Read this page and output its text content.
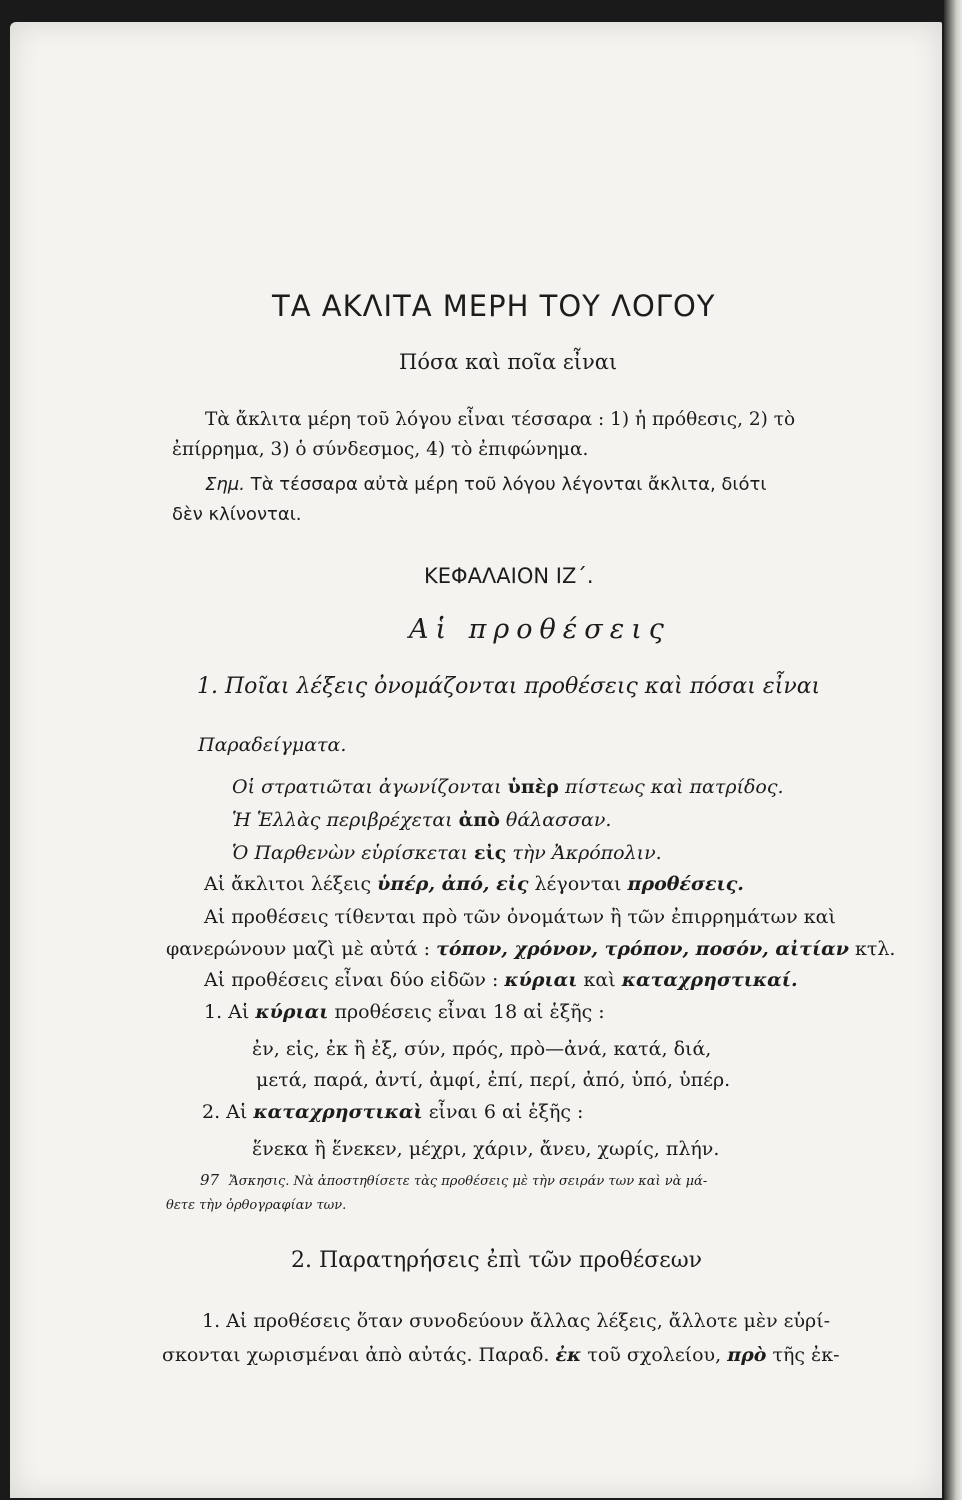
ΤΑ ΑΚΛΙΤΑ ΜΕΡΗ ΤΟΥ ΛΟΓΟΥ
Πόσα καὶ ποῖα εἶναι
Τὰ ἄκλιτα μέρη τοῦ λόγου εἶναι τέσσαρα : 1) ἡ πρόθεσις, 2) τὸ
ἐπίρρημα, 3) ὁ σύνδεσμος, 4) τὸ ἐπιφώνημα.
Σημ. Τὰ τέσσαρα αὐτὰ μέρη τοῦ λόγου λέγονται ἄκλιτα, διότι
δὲν κλίνονται.
ΚΕΦΑΛΑΙΟΝ ΙΖ΄.
Αἱ προθέσεις
1. Ποῖαι λέξεις ὀνομάζονται προθέσεις καὶ πόσαι εἶναι
Παραδείγματα.
Οἱ στρατιῶται ἀγωνίζονται ὑπὲρ πίστεως καὶ πατρίδος.
Ἡ Ἑλλὰς περιβρέχεται ἀπὸ θάλασσαν.
Ὁ Παρθενὼν εὑρίσκεται εἰς τὴν Ἀκρόπολιν.
Αἱ ἄκλιτοι λέξεις ὑπέρ, ἀπό, εἰς λέγονται προθέσεις.
Αἱ προθέσεις τίθενται πρὸ τῶν ὀνομάτων ἢ τῶν ἐπιρρημάτων καὶ
φανερώνουν μαζὶ μὲ αὐτά : τόπον, χρόνον, τρόπον, ποσόν, αἰτίαν κτλ.
Αἱ προθέσεις εἶναι δύο εἰδῶν : κύριαι καὶ καταχρηστικαί.
1. Αἱ κύριαι προθέσεις εἶναι 18 αἱ ἑξῆς :
ἐν, εἰς, ἐκ ἢ ἐξ, σύν, πρός, πρὸ—ἀνά, κατά, διά,
μετά, παρά, ἀντί, ἀμφί, ἐπί, περί, ἀπό, ὑπό, ὑπέρ.
2. Αἱ καταχρηστικαὶ εἶναι 6 αἱ ἑξῆς :
ἕνεκα ἢ ἕνεκεν, μέχρι, χάριν, ἄνευ, χωρίς, πλήν.
97 Ἄσκησις. Νὰ ἀποστηθίσετε τὰς προθέσεις μὲ τὴν σειράν των καὶ νὰ μά-
θετε τὴν ὀρθογραφίαν των.
2. Παρατηρήσεις ἐπὶ τῶν προθέσεων
1. Αἱ προθέσεις ὅταν συνοδεύουν ἄλλας λέξεις, ἄλλοτε μὲν εὑρί-
σκονται χωρισμέναι ἀπὸ αὐτάς. Παραδ. ἐκ τοῦ σχολείου, πρὸ τῆς ἐκ-
